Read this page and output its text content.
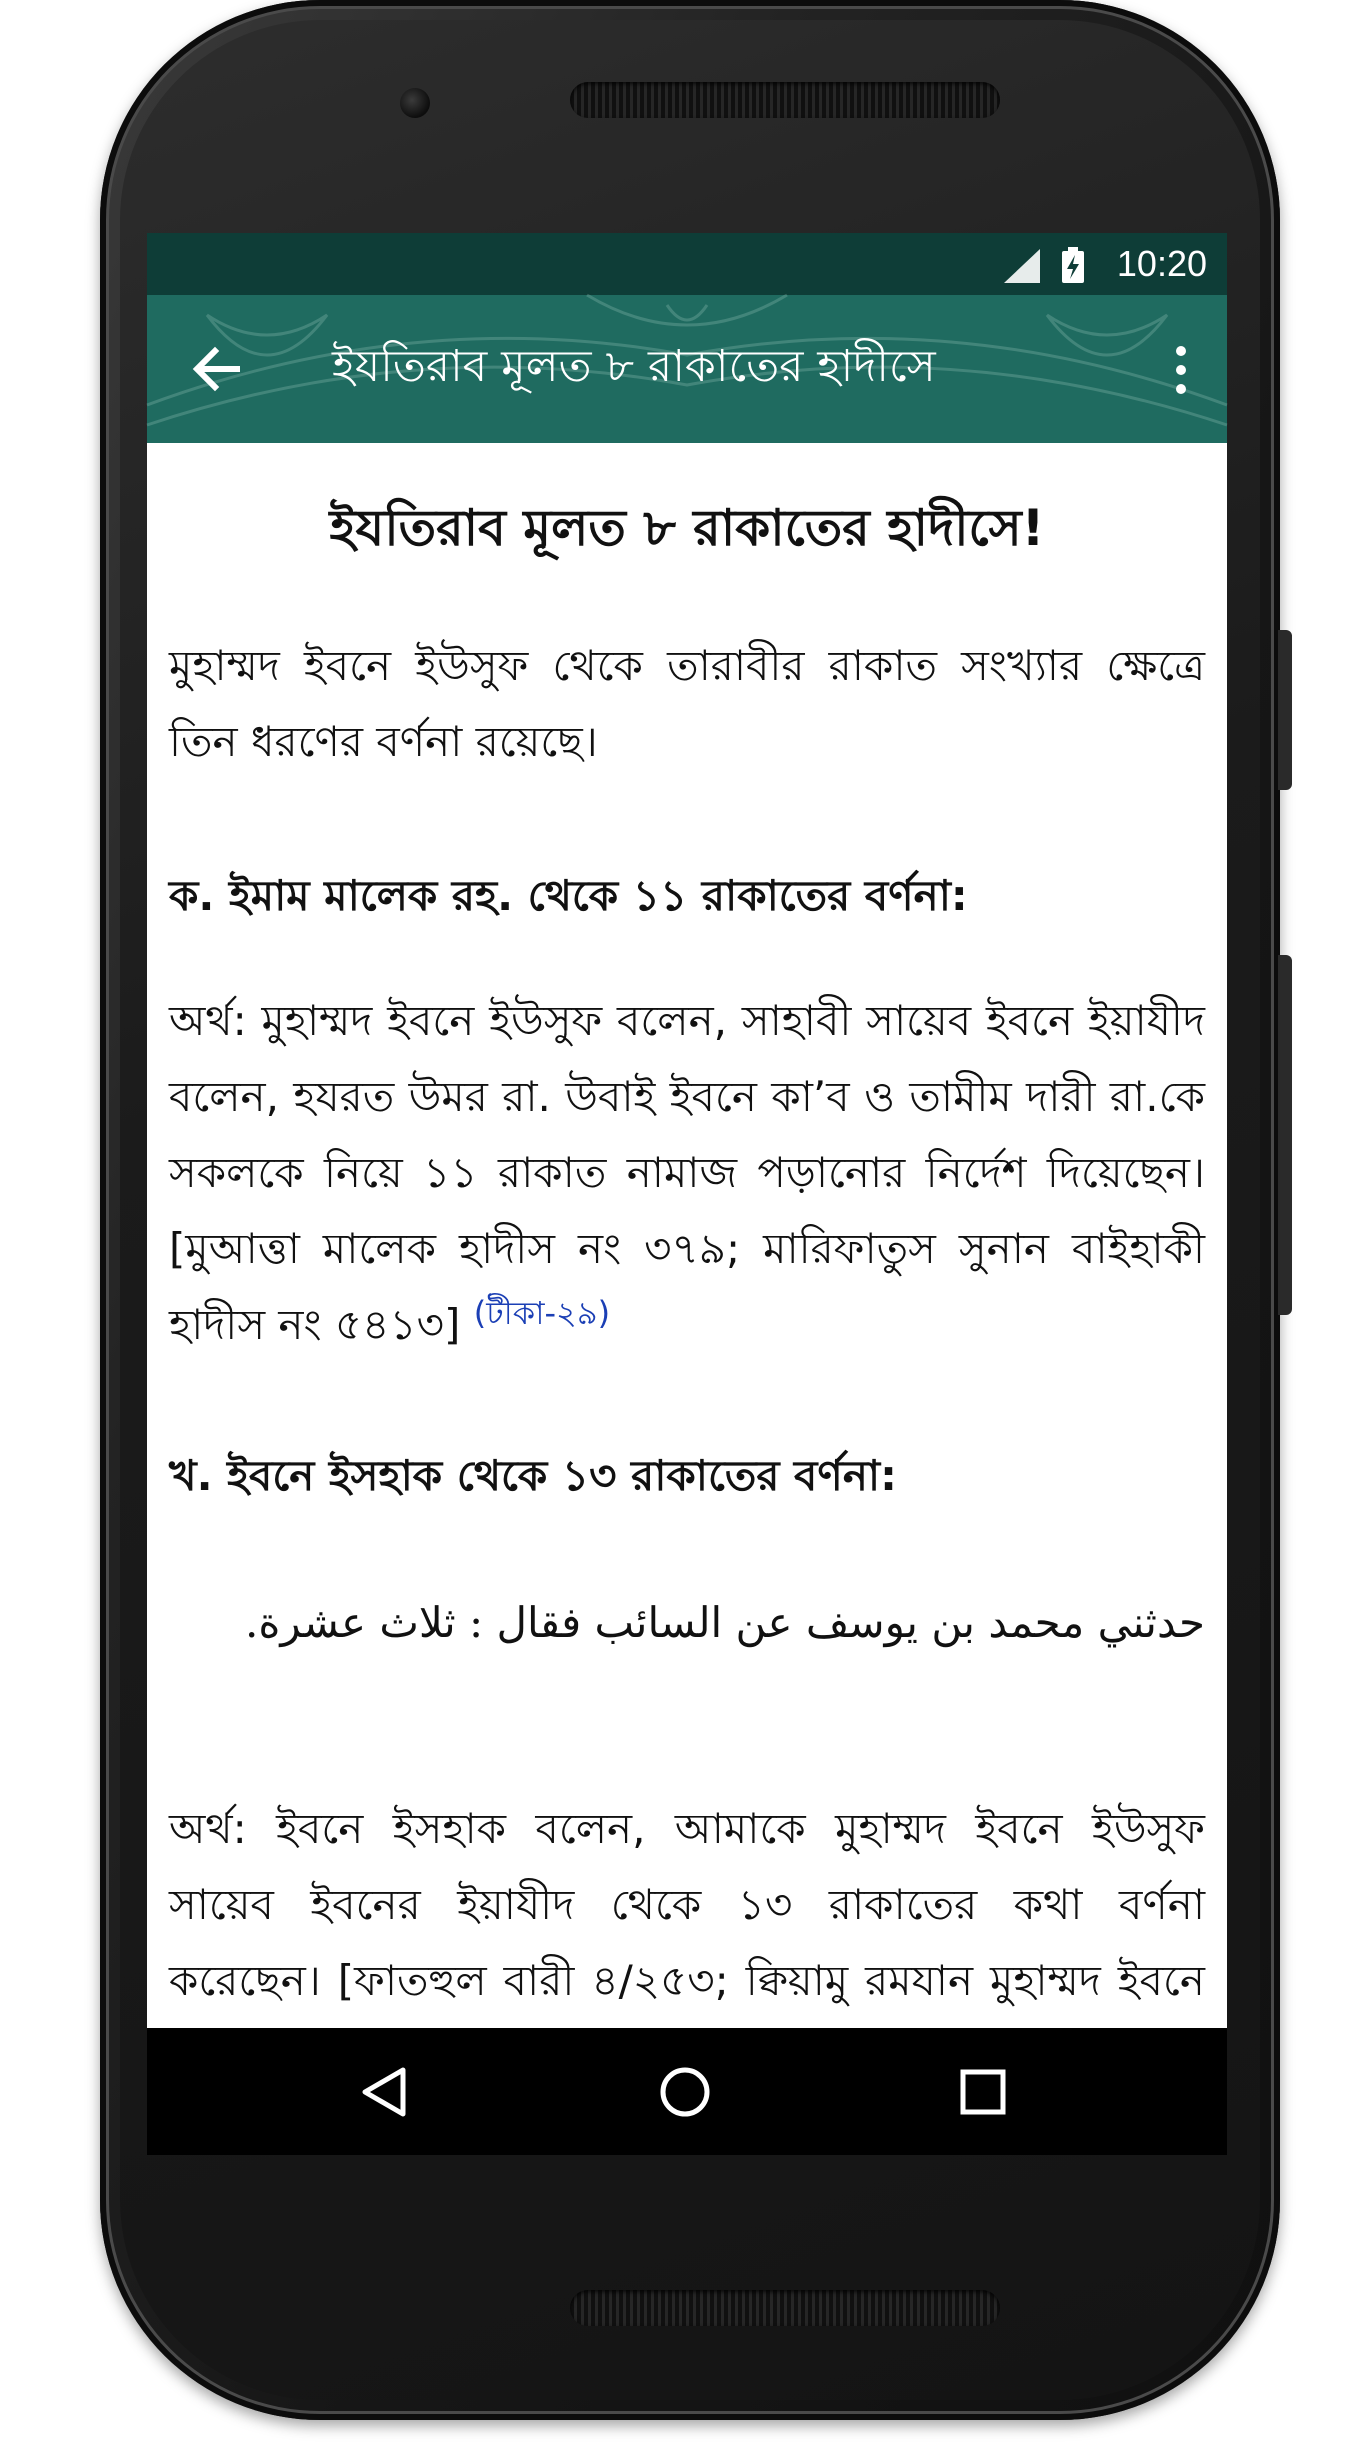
10:20
ইযতিরাব মূলত ৮ রাকাতের হাদীসে
ইযতিরাব মূলত ৮ রাকাতের হাদীসে!
মুহাম্মদ ইবনে ইউসুফ থেকে তারাবীর রাকাত সংখ্যার ক্ষেত্রে তিন ধরণের বর্ণনা রয়েছে।
ক. ইমাম মালেক রহ. থেকে ১১ রাকাতের বর্ণনা:
অর্থ: মুহাম্মদ ইবনে ইউসুফ বলেন, সাহাবী সায়েব ইবনে ইয়াযীদ বলেন, হযরত উমর রা. উবাই ইবনে কা’ব ও তামীম দারী রা.কে সকলকে নিয়ে ১১ রাকাত নামাজ পড়ানোর নির্দেশ দিয়েছেন। [মুআত্তা মালেক হাদীস নং ৩৭৯; মারিফাতুস সুনান বাইহাকী হাদীস নং ৫৪১৩] $^{(টীকা-২৯)}$
খ. ইবনে ইসহাক থেকে ১৩ রাকাতের বর্ণনা:
حدثني محمد بن يوسف عن السائب فقال : ثلاث عشرة.
অর্থ: ইবনে ইসহাক বলেন, আমাকে মুহাম্মদ ইবনে ইউসুফ সায়েব ইবনের ইয়াযীদ থেকে ১৩ রাকাতের কথা বর্ণনা করেছেন। [ফাতহুল বারী ৪/২৫৩; ক্বিয়ামু রমযান মুহাম্মদ ইবনে
